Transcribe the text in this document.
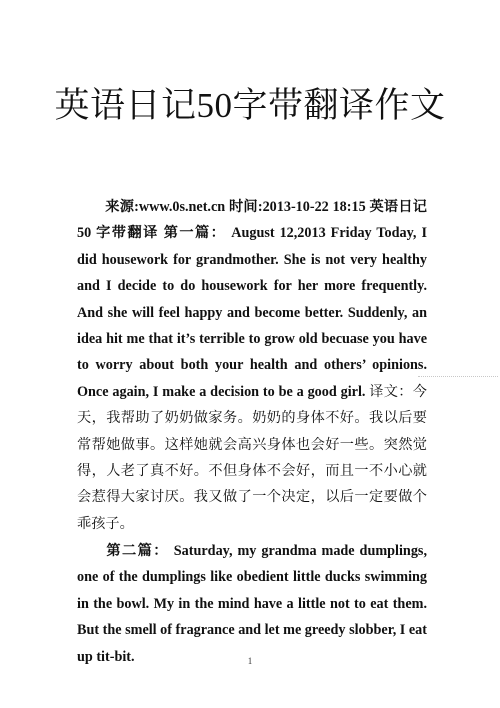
英语日记50字带翻译作文

来源:www.0s.net.cn 时间:2013-10-22 18:15 英语日记 50 字带翻译 第一篇： August 12,2013 Friday Today, I did housework for grandmother. She is not very healthy and I decide to do housework for her more frequently. And she will feel happy and become better. Suddenly, an idea hit me that it’s terrible to grow old becuase you have to worry about both your health and others’ opinions. Once again, I make a decision to be a good girl. 译文：今天，我帮助了奶奶做家务。奶奶的身体不好。我以后要常帮她做事。这样她就会高兴身体也会好一些。突然觉得，人老了真不好。不但身体不会好，而且一不小心就会惹得大家讨厌。我又做了一个决定，以后一定要做个乖孩子。

第二篇： Saturday, my grandma made dumplings, one of the dumplings like obedient little ducks swimming in the bowl. My in the mind have a little not to eat them. But the smell of fragrance and let me greedy slobber, I eat up tit-bit.	1
